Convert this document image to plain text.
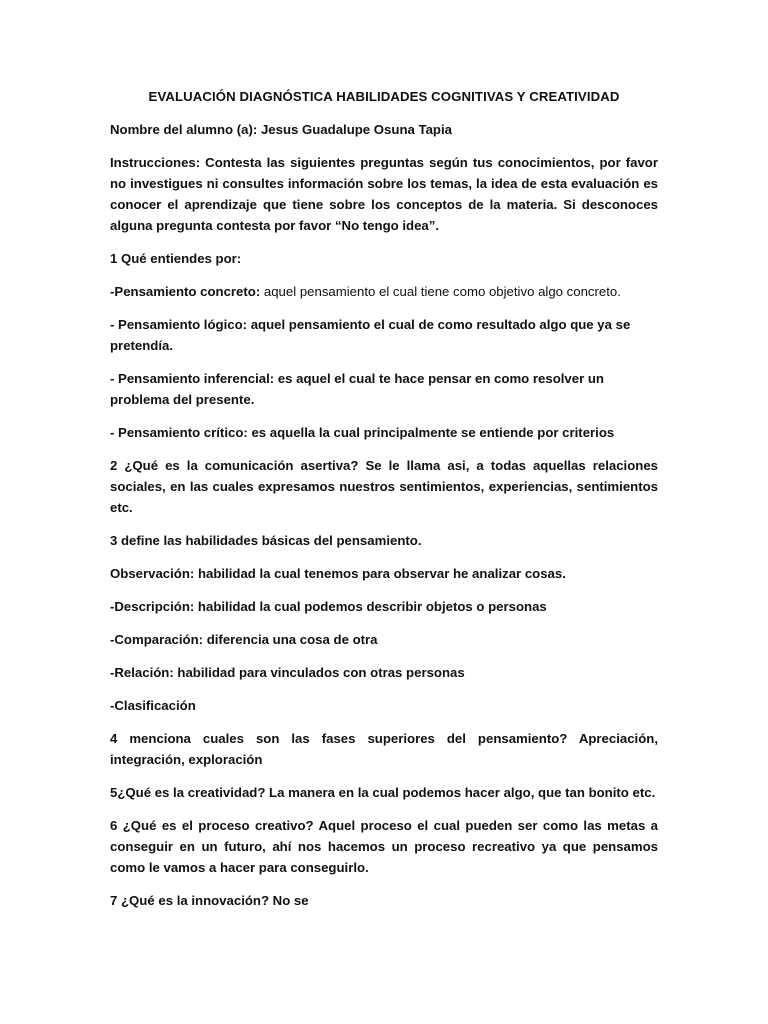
EVALUACIÓN DIAGNÓSTICA HABILIDADES COGNITIVAS Y CREATIVIDAD
Nombre del alumno (a): Jesus Guadalupe Osuna Tapia
Instrucciones: Contesta las siguientes preguntas según tus conocimientos, por favor no investigues ni consultes información sobre los temas, la idea de esta evaluación es conocer el aprendizaje que tiene sobre los conceptos de la materia. Si desconoces alguna pregunta contesta por favor “No tengo idea”.
1 Qué entiendes por:
-Pensamiento concreto: aquel pensamiento el cual tiene como objetivo algo concreto.
- Pensamiento lógico: aquel pensamiento el cual de como resultado algo que ya se pretendía.
- Pensamiento inferencial: es aquel el cual te hace pensar en como resolver un problema del presente.
- Pensamiento crítico: es aquella la cual principalmente se entiende por criterios
2 ¿Qué es la comunicación asertiva? Se le llama asi, a todas aquellas relaciones sociales, en las cuales expresamos nuestros sentimientos, experiencias, sentimientos etc.
3 define las habilidades básicas del pensamiento.
Observación: habilidad la cual tenemos para observar he analizar cosas.
-Descripción: habilidad la cual podemos describir objetos o personas
-Comparación: diferencia una cosa de otra
-Relación: habilidad para vinculados con otras personas
-Clasificación
4 menciona cuales son las fases superiores del pensamiento? Apreciación, integración, exploración
5¿Qué es la creatividad? La manera en la cual podemos hacer algo, que tan bonito etc.
6 ¿Qué es el proceso creativo? Aquel proceso el cual pueden ser como las metas a conseguir en un futuro, ahí nos hacemos un proceso recreativo ya que pensamos como le vamos a hacer para conseguirlo.
7 ¿Qué es la innovación? No se
